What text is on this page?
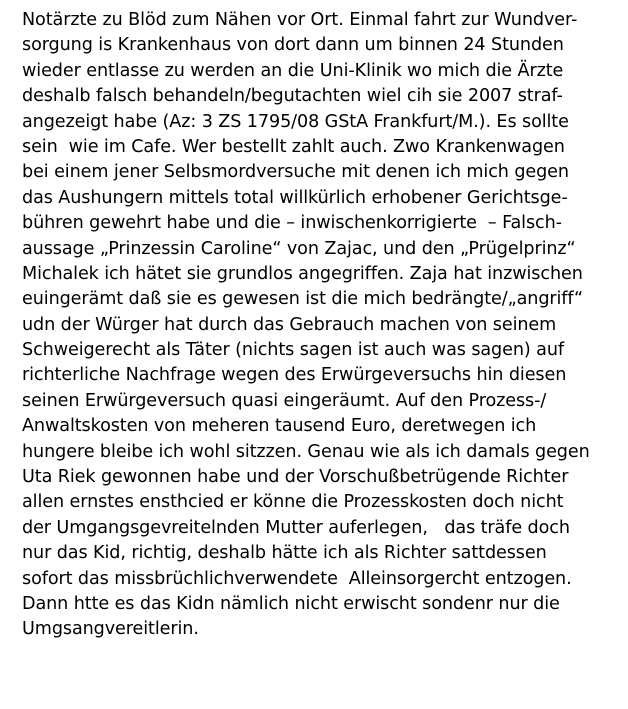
Notärzte zu Blöd zum Nähen vor Ort. Einmal fahrt zur Wundver-
sorgung is Krankenhaus von dort dann um binnen 24 Stunden
wieder entlasse zu werden an die Uni-Klinik wo mich die Ärzte
deshalb falsch behandeln/begutachten wiel cih sie 2007 straf-
angezeigt habe (Az: 3 ZS 1795/08 GStA Frankfurt/M.). Es sollte
sein  wie im Cafe. Wer bestellt zahlt auch. Zwo Krankenwagen
bei einem jener Selbsmordversuche mit denen ich mich gegen
das Aushungern mittels total willkürlich erhobener Gerichtsge-
bühren gewehrt habe und die – inwischenkorrigierte  – Falsch-
aussage „Prinzessin Caroline“ von Zajac, und den „Prügelprinz“
Michalek ich hätet sie grundlos angegriffen. Zaja hat inzwischen
euingerämt daß sie es gewesen ist die mich bedrängte/„angriff“
udn der Würger hat durch das Gebrauch machen von seinem
Schweigerecht als Täter (nichts sagen ist auch was sagen) auf
richterliche Nachfrage wegen des Erwürgeversuchs hin diesen
seinen Erwürgeversuch quasi eingeräumt. Auf den Prozess-/
Anwaltskosten von meheren tausend Euro, deretwegen ich
hungere bleibe ich wohl sitzzen. Genau wie als ich damals gegen
Uta Riek gewonnen habe und der Vorschußbetrügende Richter
allen ernstes ensthcied er könne die Prozesskosten doch nicht
der Umgangsgevreitelnden Mutter auferlegen,   das träfe doch
nur das Kid, richtig, deshalb hätte ich als Richter sattdessen
sofort das missbrüchlichverwendete  Alleinsorgercht entzogen.
Dann htte es das Kidn nämlich nicht erwischt sondenr nur die
Umgsangvereitlerin.
